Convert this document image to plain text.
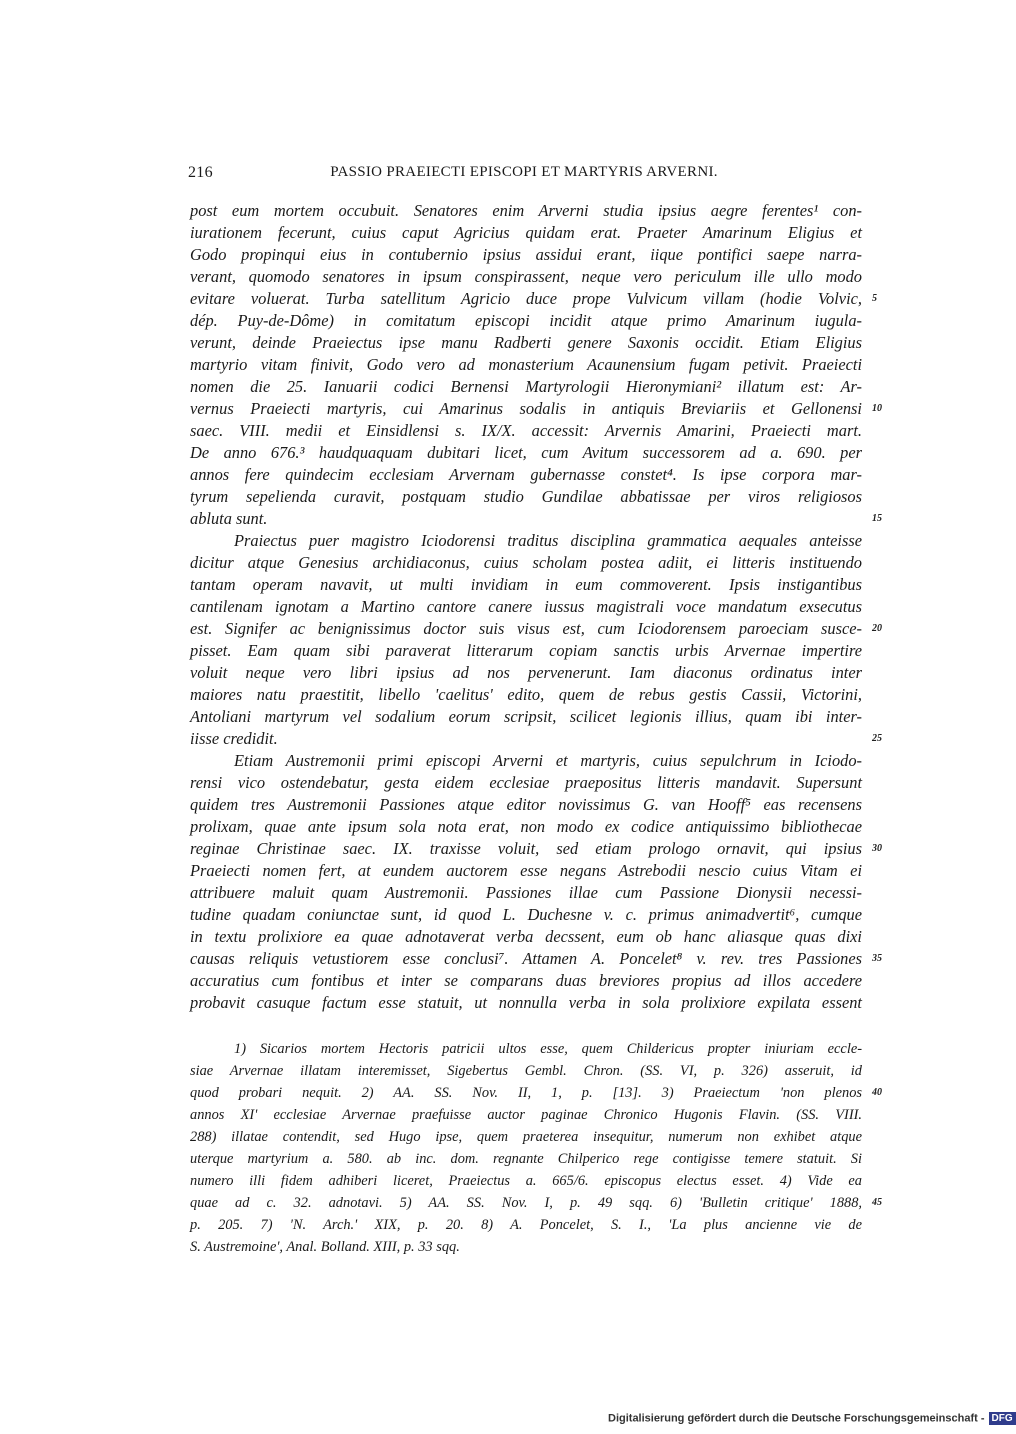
216	PASSIO PRAEIECTI EPISCOPI ET MARTYRIS ARVERNI.
post eum mortem occubuit. Senatores enim Arverni studia ipsius aegre ferentes¹ con-
iurationem fecerunt, cuius caput Agricius quidam erat. Praeter Amarinum Eligius et
Godo propinqui eius in contubernio ipsius assidui erant, iique pontifici saepe narra-
verant, quomodo senatores in ipsum conspirassent, neque vero periculum ille ullo modo
evitare voluerat. Turba satellitum Agricio duce prope Vulvicum villam (hodie Volvic, 5
dép. Puy-de-Dôme) in comitatum episcopi incidit atque primo Amarinum iugula-
verunt, deinde Praeiectus ipse manu Radberti genere Saxonis occidit. Etiam Eligius
martyrio vitam finivit, Godo vero ad monasterium Acaunensium fugam petivit. Praeiecti
nomen die 25. Ianuarii codici Bernensi Martyrologii Hieronymiani² illatum est: Ar-
vernus Praeiecti martyris, cui Amarinus sodalis in antiquis Breviariis et Gellonensi 10
saec. VIII. medii et Einsidlensi s. IX/X. accessit: Arvernis Amarini, Praeiecti mart.
De anno 676.³ haudquaquam dubitari licet, cum Avitum successorem ad a. 690. per
annos fere quindecim ecclesiam Arvernam gubernasse constet⁴. Is ipse corpora mar-
tyrum sepelienda curavit, postquam studio Gundilae abbatissae per viros religiosos
abluta sunt.	15
Praiectus puer magistro Iciodorensi traditus disciplina grammatica aequales anteisse
dicitur atque Genesius archidiaconus, cuius scholam postea adiit, ei litteris instituendo
tantam operam navavit, ut multi invidiam in eum commoverent. Ipsis instigantibus
cantilenam ignotam a Martino cantore canere iussus magistrali voce mandatum exsecutus
est. Signifer ac benignissimus doctor suis visus est, cum Iciodorensem paroeciam susce- 20
pisset. Eam quam sibi paraverat litterarum copiam sanctis urbis Arvernae impertire
voluit neque vero libri ipsius ad nos pervenerunt. Iam diaconus ordinatus inter
maiores natu praestitit, libello 'caelitus' edito, quem de rebus gestis Cassii, Victorini,
Antoliani martyrum vel sodalium eorum scripsit, scilicet legionis illius, quam ibi inter-
iisse credidit.	25
Etiam Austremonii primi episcopi Arverni et martyris, cuius sepulchrum in Iciodo-
rensi vico ostendebatur, gesta eidem ecclesiae praepositus litteris mandavit. Supersunt
quidem tres Austremonii Passiones atque editor novissimus G. van Hooff⁵ eas recensens
prolixam, quae ante ipsum sola nota erat, non modo ex codice antiquissimo bibliothecae
reginae Christinae saec. IX. traxisse voluit, sed etiam prologo ornavit, qui ipsius 30
Praeiecti nomen fert, at eundem auctorem esse negans Astrebodii nescio cuius Vitam ei
attribuere maluit quam Austremonii. Passiones illae cum Passione Dionysii necessi-
tudine quadam coniunctae sunt, id quod L. Duchesne v. c. primus animadvertit⁶, cumque
in textu prolixiore ea quae adnotaverat verba decssent, eum ob hanc aliasque quas dixi
causas reliquis vetustiorem esse conclusi⁷. Attamen A. Poncelet⁸ v. rev. tres Passiones 35
accuratius cum fontibus et inter se comparans duas breviores propius ad illos accedere
probavit casuque factum esse statuit, ut nonnulla verba in sola prolixiore expilata essent
1) Sicarios mortem Hectoris patricii ultos esse, quem Childericus propter iniuriam eccle-
siae Arvernae illatam interemisset, Sigebertus Gembl. Chron. (SS. VI, p. 326) asseruit, id
quod probari nequit. 2) AA. SS. Nov. II, 1, p. [13]. 3) Praeiectum 'non plenos 40
annos XI' ecclesiae Arvernae praefuisse auctor paginae Chronico Hugonis Flavin. (SS. VIII.
288) illatae contendit, sed Hugo ipse, quem praeterea insequitur, numerum non exhibet atque
uterque martyrium a. 580. ab inc. dom. regnante Chilperico rege contigisse temere statuit. Si
numero illi fidem adhiberi liceret, Praeiectus a. 665/6. episcopus electus esset. 4) Vide ea
quae ad c. 32. adnotavi. 5) AA. SS. Nov. I, p. 49 sqq. 6) 'Bulletin critique' 1888, 45
p. 205. 7) 'N. Arch.' XIX, p. 20. 8) A. Poncelet, S. I., 'La plus ancienne vie de
S. Austremoine', Anal. Bolland. XIII, p. 33 sqq.
Digitalisierung gefördert durch die Deutsche Forschungsgemeinschaft - DFG
